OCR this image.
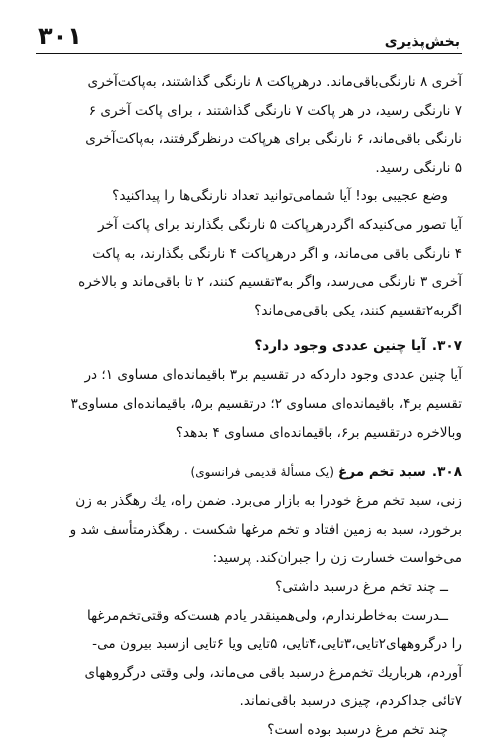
بخش‌پذیری
۳۰۱

آخری ۸ نارنگی‌باقی‌ماند. درهرپاکت ۸ نارنگی گذاشتند، به‌پاکت‌آخری

۷ نارنگی رسید، در هر پاکت ۷ نارنگی گذاشتند ، برای پاکت آخری ۶

نارنگی باقی‌ماند، ۶ نارنگی برای هرپاکت درنظرگرفتند، به‌پاکت‌آخری

۵ نارنگی رسید.

وضع عجیبی بود! آیا شمامی‌توانید تعداد نارنگی‌ها را پیداکنید؟

آیا تصور می‌کنیدکه اگردرهرپاکت ۵ نارنگی بگذارند برای پاکت آخر

۴ نارنگی باقی می‌ماند، و اگر درهرپاکت ۴ نارنگی بگذارند، به پاکت

آخری ۳ نارنگی می‌رسد، واگر به‌۳تقسیم کنند، ۲ تا باقی‌ماند و بالاخره

اگربه‌۲تقسیم کنند، یکی باقی‌می‌ماند؟

۳۰۷.آیا چنین عددی وجود دارد؟

آیا چنین عددی وجود داردکه در تقسیم بر۳ باقیمانده‌ای مساوی ۱؛ در

تقسیم بر۴، باقیمانده‌ای مساوی ۲؛ درتقسیم بر۵، باقیمانده‌ای مساوی۳

وبالاخره درتقسیم بر۶، باقیمانده‌ای مساوی ۴ بدهد؟

۳۰۸.سبد تخم مرغ(یک مسألهٔ قدیمی فرانسوی)

زنی، سبد تخم مرغ خودرا به بازار می‌برد. ضمن راه، یك رهگذر به زن

برخورد، سبد به زمین افتاد و تخم مرغها شکست . رهگذرمتأسف شد و

می‌خواست خسارت زن را جبران‌کند. پرسید:

ــ چند تخم مرغ درسبد داشتی؟

ــدرست به‌خاطرندارم، ولی‌همینقدر یادم هست‌که وقتی‌تخم‌مرغها

را درگروههای۲تایی،۳تایی،۴تایی، ۵تایی ویا ۶تایی ازسبد بیرون می-

آوردم، هرباریك تخم‌مرغ درسبد باقی می‌ماند، ولی وقتی درگروههای

۷تائی جداکردم، چیزی درسبد باقی‌نماند.

چند تخم مرغ درسبد بوده است؟
